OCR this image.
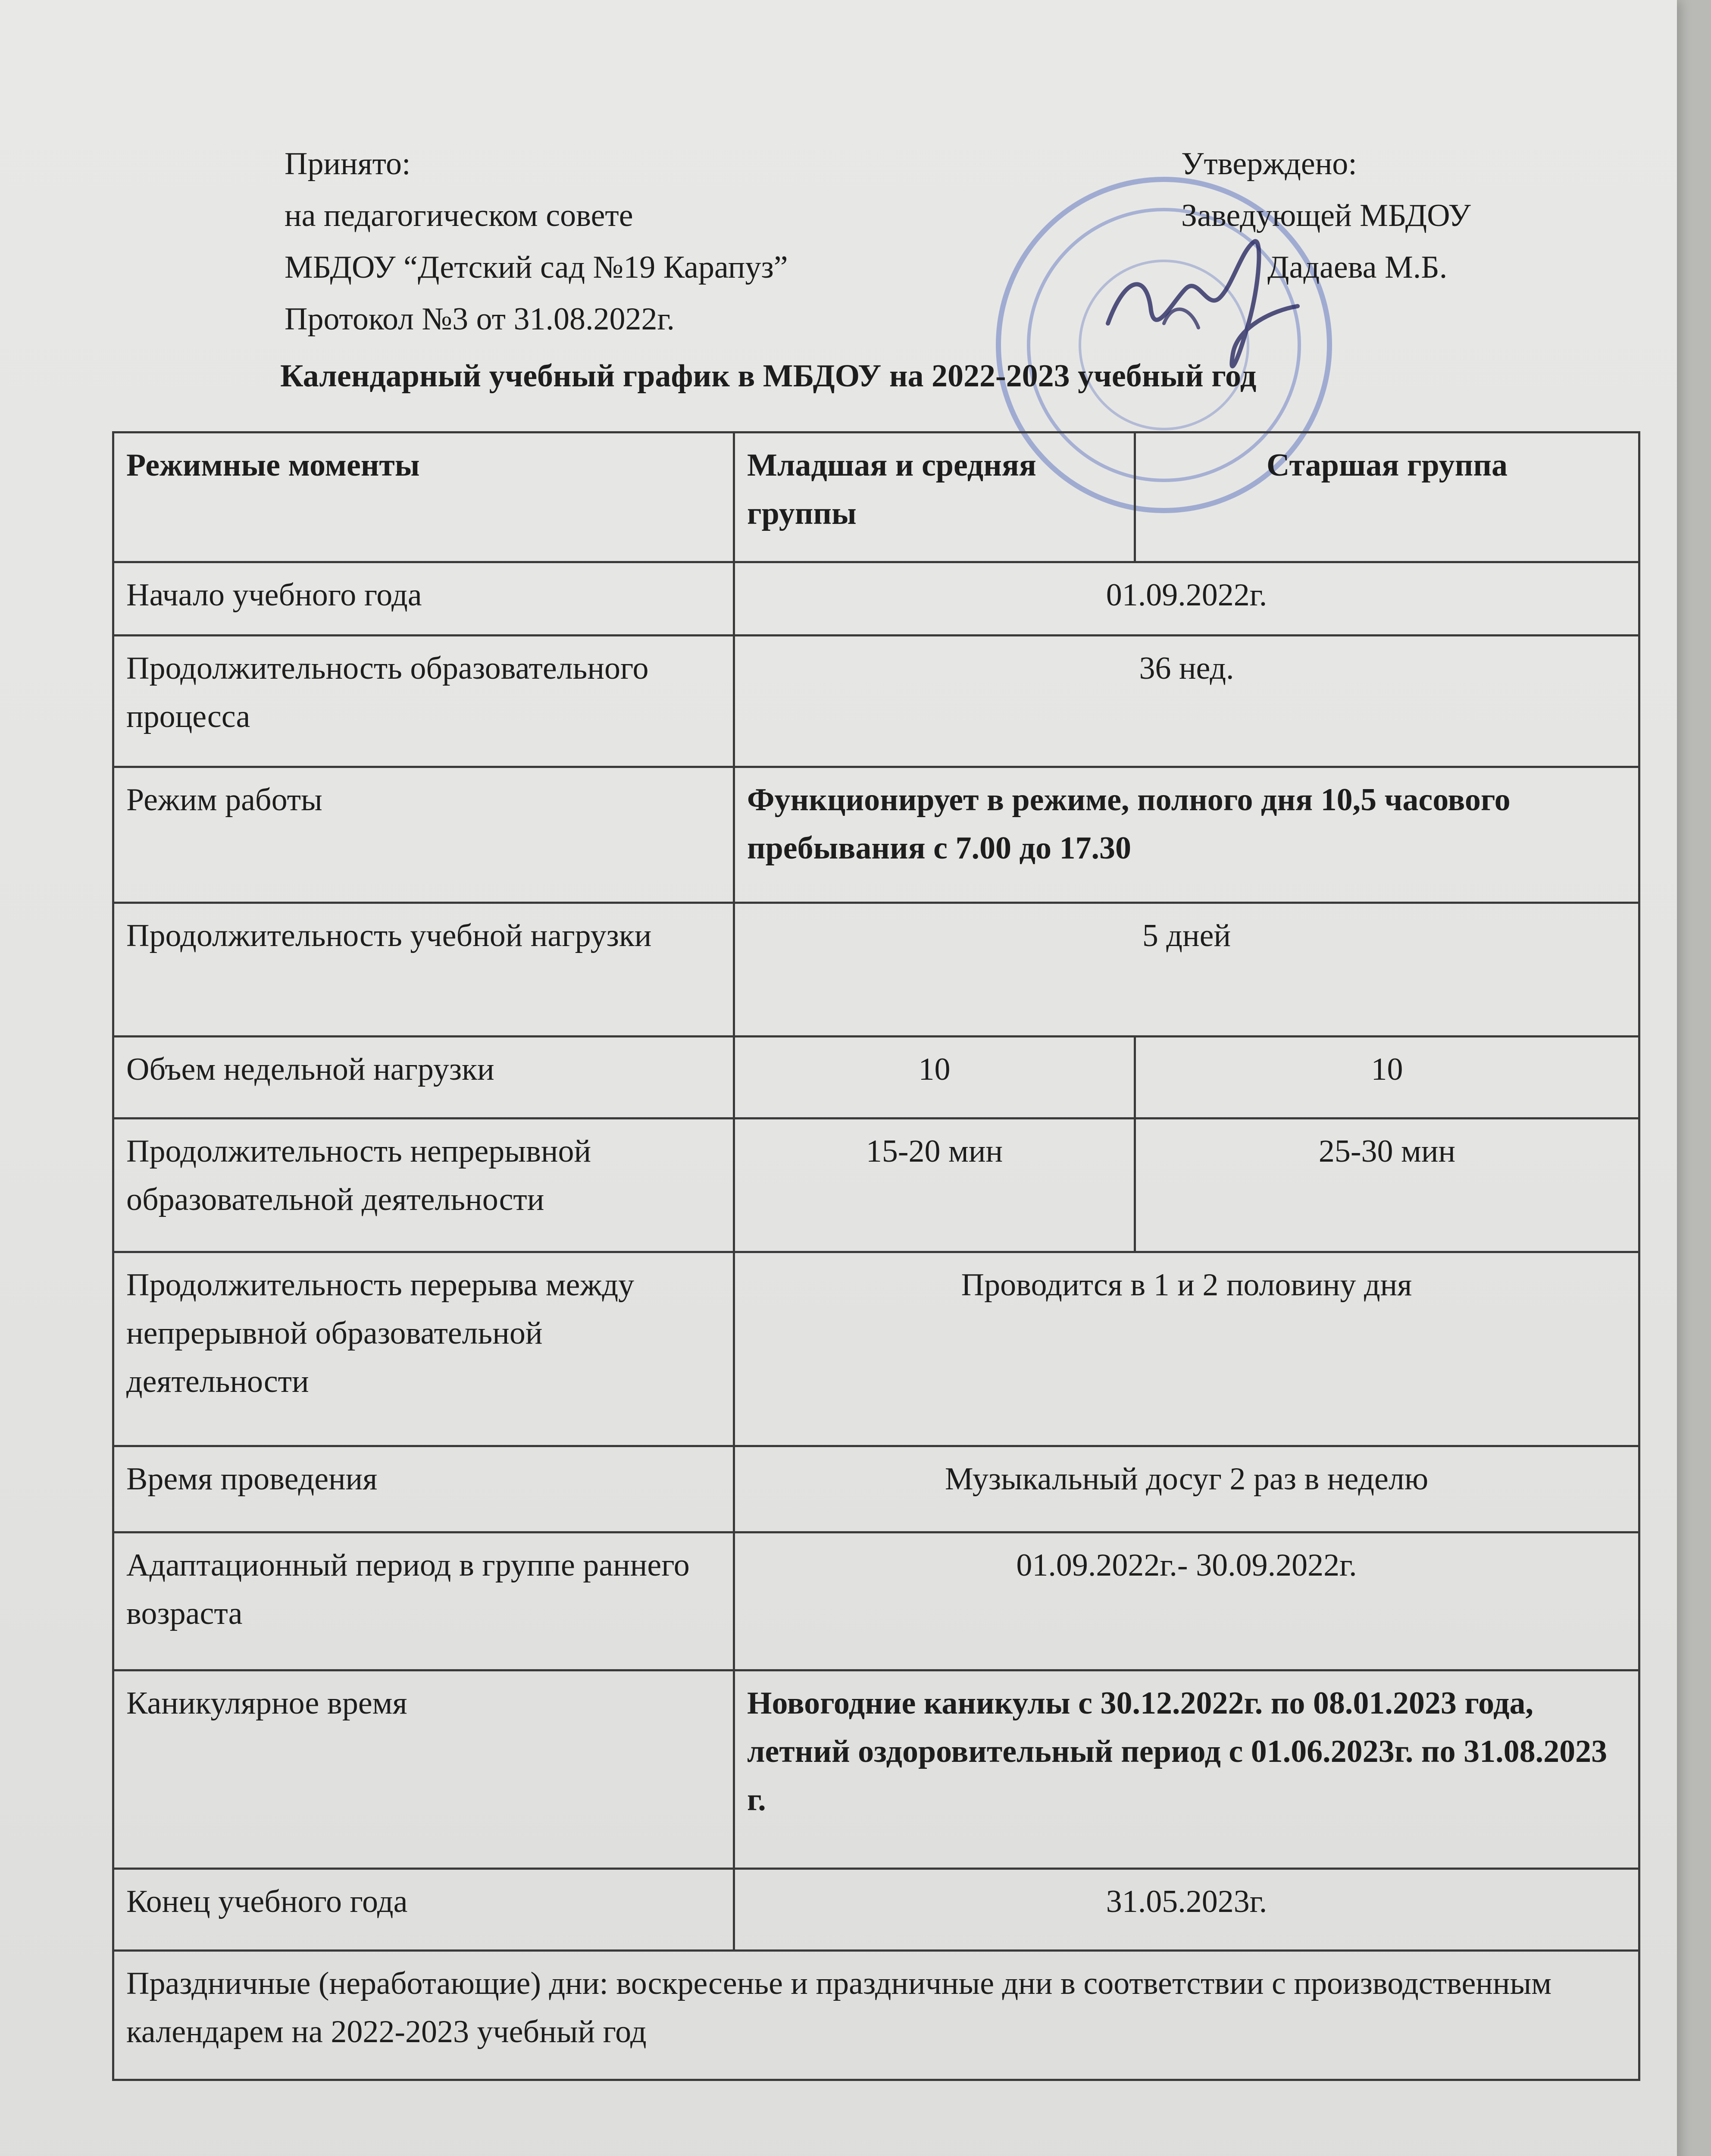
Принято:
на педагогическом совете
МБДОУ “Детский сад №19 Карапуз”
Протокол №3 от 31.08.2022г.
Утверждено:
Заведующей МБДОУ
Дадаева М.Б.
Календарный учебный график в МБДОУ на 2022-2023 учебный год
Режимные моменты	Младшая и средняя группы	Старшая группа
Начало учебного года	01.09.2022г.	
Продолжительность образовательного процесса	36 нед.	
Режим работы	Функционирует в режиме, полного дня 10,5 часового пребывания с 7.00 до 17.30	
Продолжительность учебной нагрузки	5 дней	
Объем недельной нагрузки	10	10
Продолжительность непрерывной образовательной деятельности	15-20 мин	25-30 мин
Продолжительность перерыва между непрерывной образовательной деятельности	Проводится в 1 и 2 половину дня	
Время проведения	Музыкальный досуг 2 раз в неделю	
Адаптационный период в группе раннего возраста	01.09.2022г.- 30.09.2022г.	
Каникулярное время	Новогодние каникулы с 30.12.2022г. по 08.01.2023 года, летний оздоровительный период с 01.06.2023г. по 31.08.2023 г.	
Конец учебного года	31.05.2023г.	
Праздничные (неработающие) дни: воскресенье и праздничные дни в соответствии с производственным календарем на 2022-2023 учебный год		
